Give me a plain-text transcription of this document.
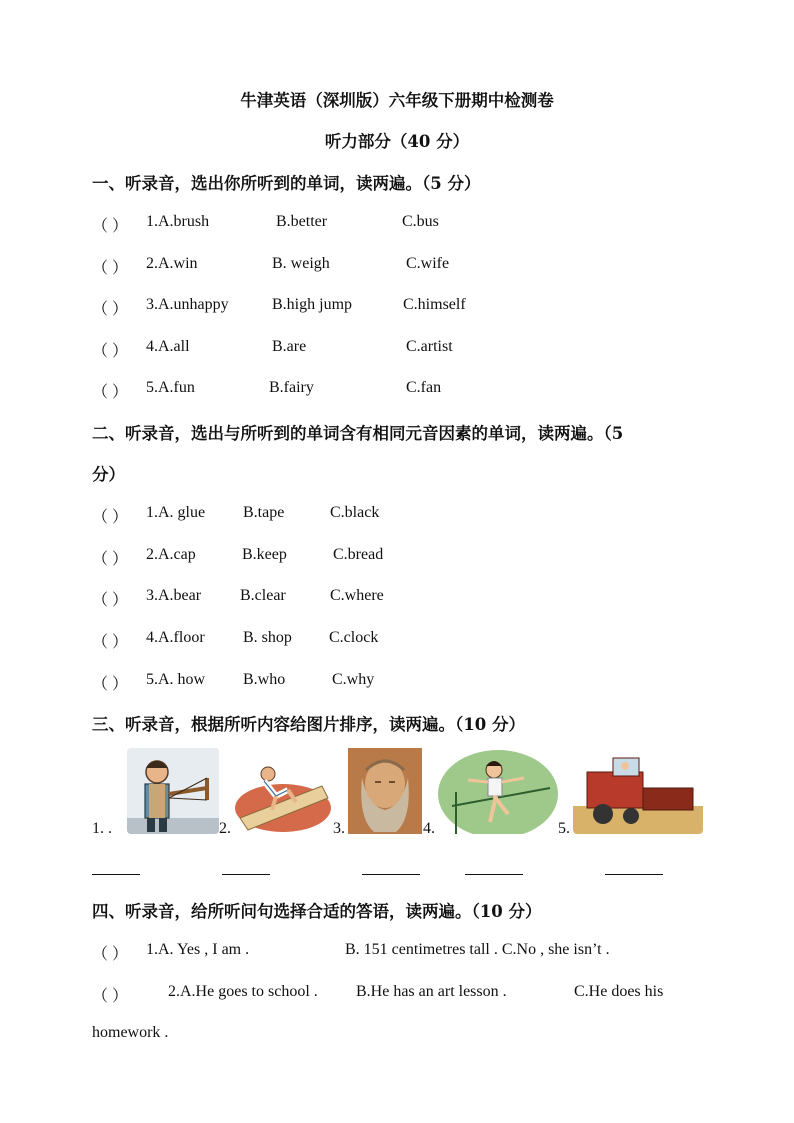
牛津英语（深圳版）六年级下册期中检测卷
听力部分（40 分）
一、听录音，选出你所听到的单词，读两遍。（5 分）
（ ） 1.A.brush	B.better	C.bus
（ ） 2.A.win	B. weigh	C.wife
（ ） 3.A.unhappy	B.high jump	C.himself
（ ） 4.A.all	B.are	C.artist
（ ） 5.A.fun	B.fairy	C.fan
二、听录音，选出与所听到的单词含有相同元音因素的单词，读两遍。（5
分）
（ ） 1.A. glue B.tape	C.black
（ ） 2.A.cap	B.keep	C.bread
（ ） 3.A.bear B.clear	C.where
（ ） 4.A.floor B. shop C.clock
（ ） 5.A. how B.who	C.why
三、听录音，根据所听内容给图片排序，读两遍。（10 分）
1. .	2.	3.	4.	5.
四、听录音，给所听问句选择合适的答语，读两遍。（10 分）
（ ） 1.A. Yes , I am .	B. 151 centimetres tall . C.No , she isn’t .
（ ） 2.A.He goes to school . B.He has an art lesson .	C.He does his
homework .
